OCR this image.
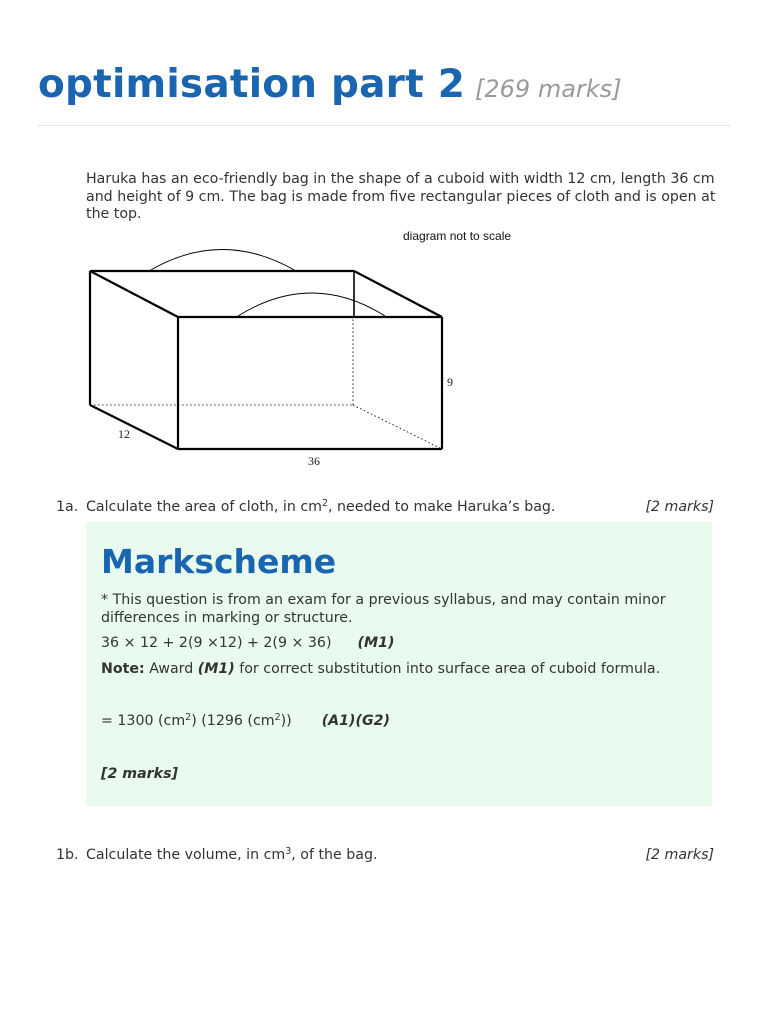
optimisation part 2 [269 marks]
Haruka has an eco-friendly bag in the shape of a cuboid with width 12 cm, length 36 cm and height of 9 cm. The bag is made from five rectangular pieces of cloth and is open at the top.
diagram not to scale
12
36
9
1a. Calculate the area of cloth, in $cm^2$, needed to make Haruka’s bag.	[2 marks]
Markscheme
* This question is from an exam for a previous syllabus, and may contain minor differences in marking or structure.
36 × 12 + 2(9 ×12) + 2(9 × 36) (M1)
Note: Award (M1) for correct substitution into surface area of cuboid formula.
= 1300 $(cm^2)$ (1296 $(cm^2)$) (A1)(G2)
[2 marks]
1b. Calculate the volume, in $cm^3$, of the bag.	[2 marks]
